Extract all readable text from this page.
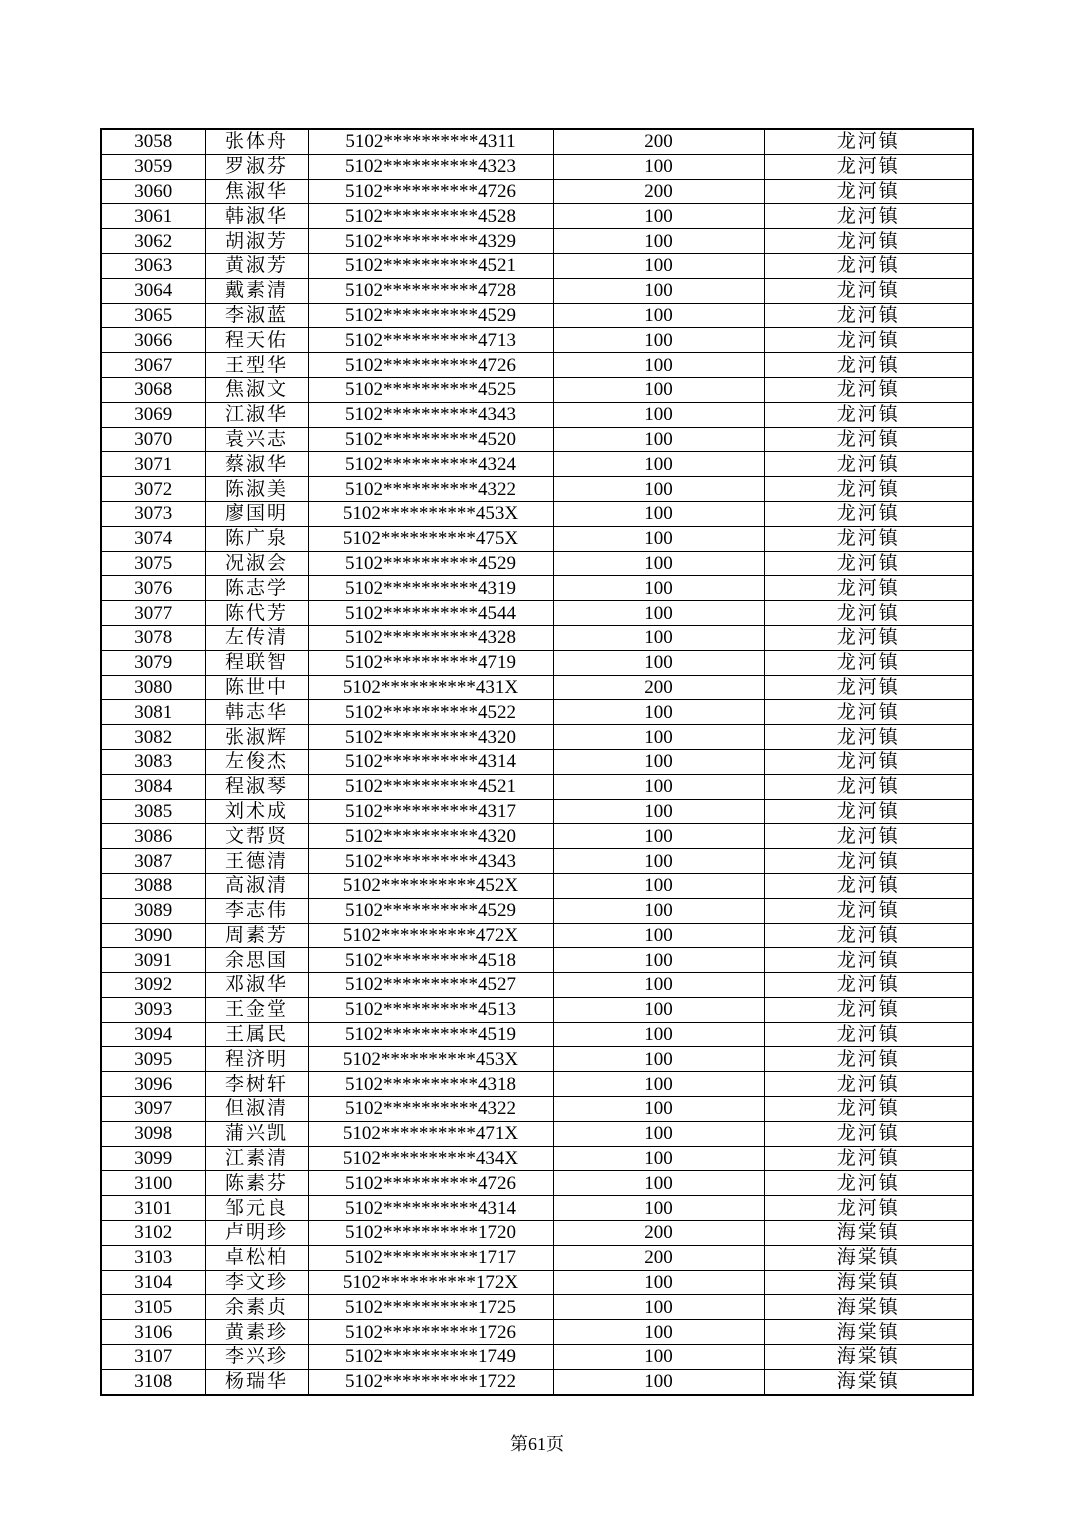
3058	张体舟	5102**********4311	200	龙河镇
3059	罗淑芬	5102**********4323	100	龙河镇
3060	焦淑华	5102**********4726	200	龙河镇
3061	韩淑华	5102**********4528	100	龙河镇
3062	胡淑芳	5102**********4329	100	龙河镇
3063	黄淑芳	5102**********4521	100	龙河镇
3064	戴素清	5102**********4728	100	龙河镇
3065	李淑蓝	5102**********4529	100	龙河镇
3066	程天佑	5102**********4713	100	龙河镇
3067	王型华	5102**********4726	100	龙河镇
3068	焦淑文	5102**********4525	100	龙河镇
3069	江淑华	5102**********4343	100	龙河镇
3070	袁兴志	5102**********4520	100	龙河镇
3071	蔡淑华	5102**********4324	100	龙河镇
3072	陈淑美	5102**********4322	100	龙河镇
3073	廖国明	5102**********453X	100	龙河镇
3074	陈广泉	5102**********475X	100	龙河镇
3075	况淑会	5102**********4529	100	龙河镇
3076	陈志学	5102**********4319	100	龙河镇
3077	陈代芳	5102**********4544	100	龙河镇
3078	左传清	5102**********4328	100	龙河镇
3079	程联智	5102**********4719	100	龙河镇
3080	陈世中	5102**********431X	200	龙河镇
3081	韩志华	5102**********4522	100	龙河镇
3082	张淑辉	5102**********4320	100	龙河镇
3083	左俊杰	5102**********4314	100	龙河镇
3084	程淑琴	5102**********4521	100	龙河镇
3085	刘术成	5102**********4317	100	龙河镇
3086	文帮贤	5102**********4320	100	龙河镇
3087	王德清	5102**********4343	100	龙河镇
3088	高淑清	5102**********452X	100	龙河镇
3089	李志伟	5102**********4529	100	龙河镇
3090	周素芳	5102**********472X	100	龙河镇
3091	余思国	5102**********4518	100	龙河镇
3092	邓淑华	5102**********4527	100	龙河镇
3093	王金堂	5102**********4513	100	龙河镇
3094	王属民	5102**********4519	100	龙河镇
3095	程济明	5102**********453X	100	龙河镇
3096	李树轩	5102**********4318	100	龙河镇
3097	但淑清	5102**********4322	100	龙河镇
3098	蒲兴凯	5102**********471X	100	龙河镇
3099	江素清	5102**********434X	100	龙河镇
3100	陈素芬	5102**********4726	100	龙河镇
3101	邹元良	5102**********4314	100	龙河镇
3102	卢明珍	5102**********1720	200	海棠镇
3103	卓松柏	5102**********1717	200	海棠镇
3104	李文珍	5102**********172X	100	海棠镇
3105	余素贞	5102**********1725	100	海棠镇
3106	黄素珍	5102**********1726	100	海棠镇
3107	李兴珍	5102**********1749	100	海棠镇
3108	杨瑞华	5102**********1722	100	海棠镇
第61页
